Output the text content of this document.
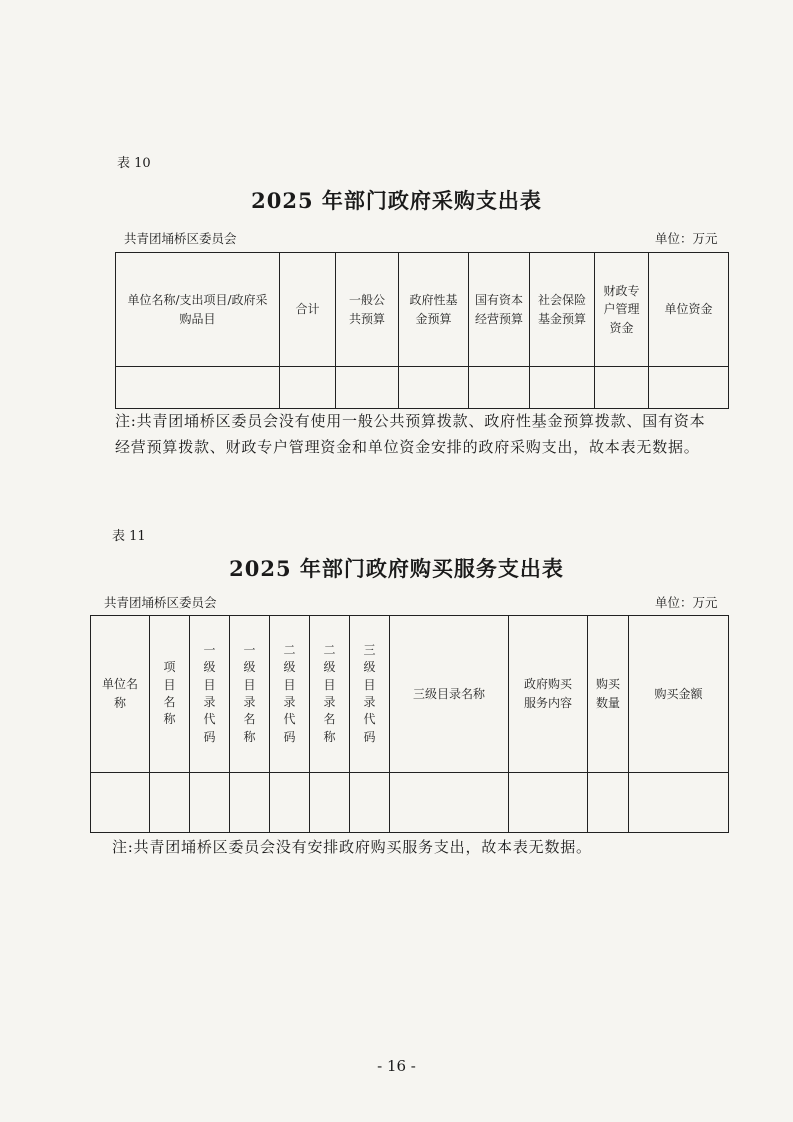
表 10
2025 年部门政府采购支出表
共青团埇桥区委员会	单位：万元
单位名称/支出项目/政府采购品目	合计	一般公共预算	政府性基金预算	国有资本经营预算	社会保险基金预算	财政专户管理资金	单位资金

注:共青团埇桥区委员会没有使用一般公共预算拨款、政府性基金预算拨款、国有资本经营预算拨款、财政专户管理资金和单位资金安排的政府采购支出，故本表无数据。
表 11
2025 年部门政府购买服务支出表
共青团埇桥区委员会	单位：万元
单位名称	项目名称	一级目录代码	一级目录名称	二级目录代码	二级目录名称	三级目录代码	三级目录名称	政府购买服务内容	购买数量	购买金额

注:共青团埇桥区委员会没有安排政府购买服务支出，故本表无数据。
- 16 -
